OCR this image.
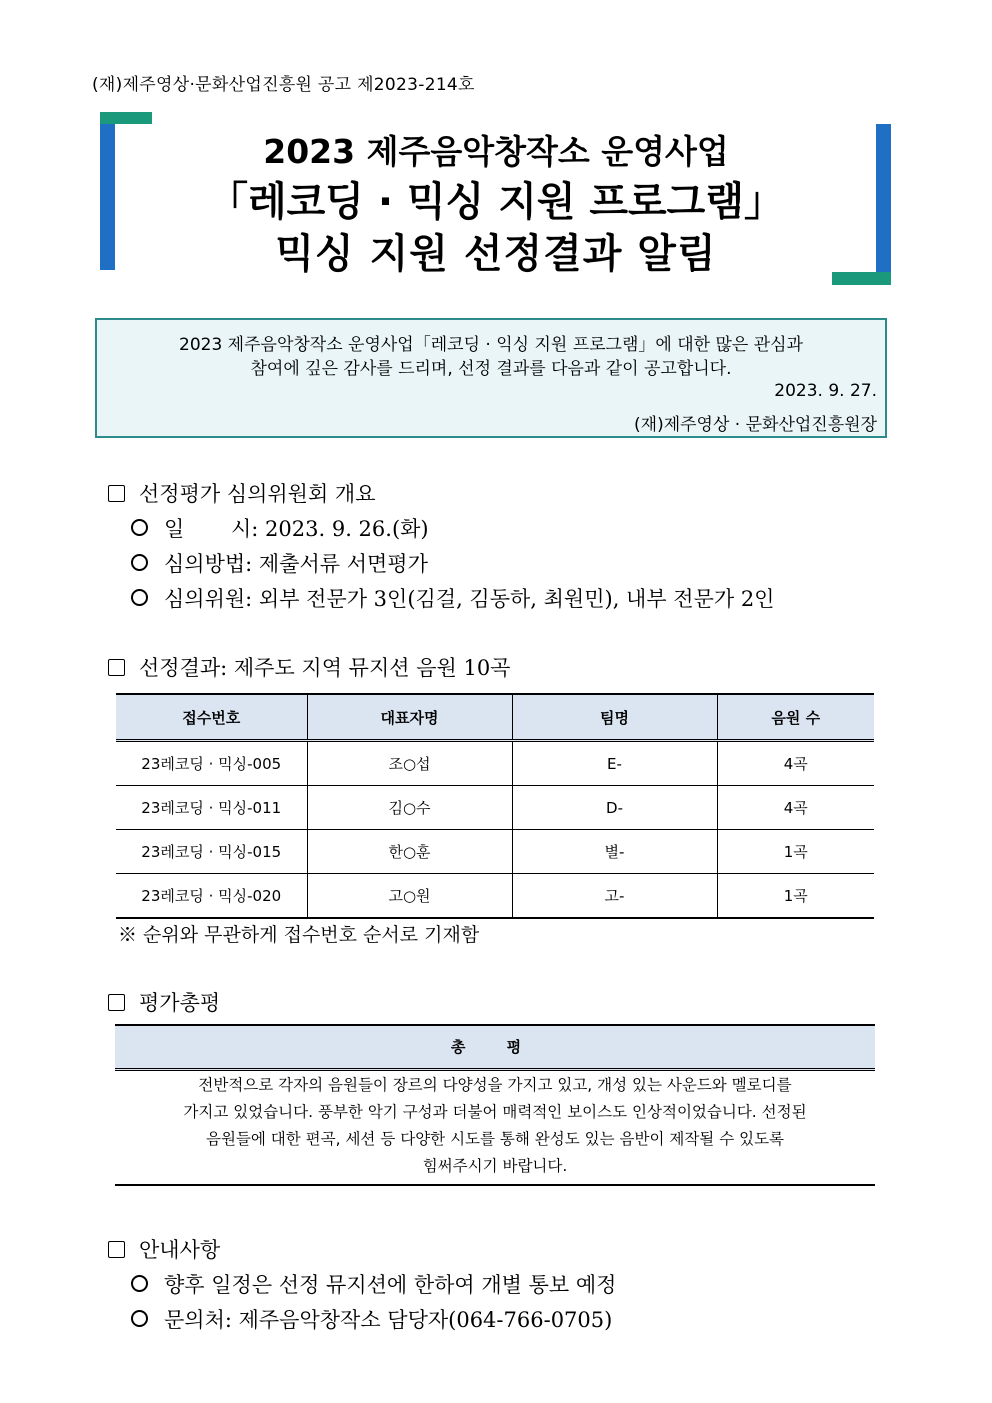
(재)제주영상·문화산업진흥원 공고 제2023-214호
2023 제주음악창작소 운영사업
「레코딩 · 믹싱 지원 프로그램」
믹싱 지원 선정결과 알림
2023 제주음악창작소 운영사업「레코딩 · 익싱 지원 프로그램」에 대한 많은 관심과
참여에 깊은 감사를 드리며, 선정 결과를 다음과 같이 공고합니다.
2023. 9. 27.
(재)제주영상 · 문화산업진흥원장
선정평가 심의위원회 개요
일       시: 2023. 9. 26.(화)
심의방법: 제출서류 서면평가
심의위원: 외부 전문가 3인(김걸, 김동하, 최원민), 내부 전문가 2인
선정결과: 제주도 지역 뮤지션 음원 10곡
접수번호	대표자명	팀명	음원 수
23레코딩 · 믹싱-005	조○섭	E-	4곡
23레코딩 · 믹싱-011	김○수	D-	4곡
23레코딩 · 믹싱-015	한○훈	별-	1곡
23레코딩 · 믹싱-020	고○원	고-	1곡
※ 순위와 무관하게 접수번호 순서로 기재함
평가총평
총 평
전반적으로 각자의 음원들이 장르의 다양성을 가지고 있고, 개성 있는 사운드와 멜로디를
가지고 있었습니다. 풍부한 악기 구성과 더불어 매력적인 보이스도 인상적이었습니다. 선정된
음원들에 대한 편곡, 세션 등 다양한 시도를 통해 완성도 있는 음반이 제작될 수 있도록
힘써주시기 바랍니다.
안내사항
향후 일정은 선정 뮤지션에 한하여 개별 통보 예정
문의처: 제주음악창작소 담당자(064-766-0705)
